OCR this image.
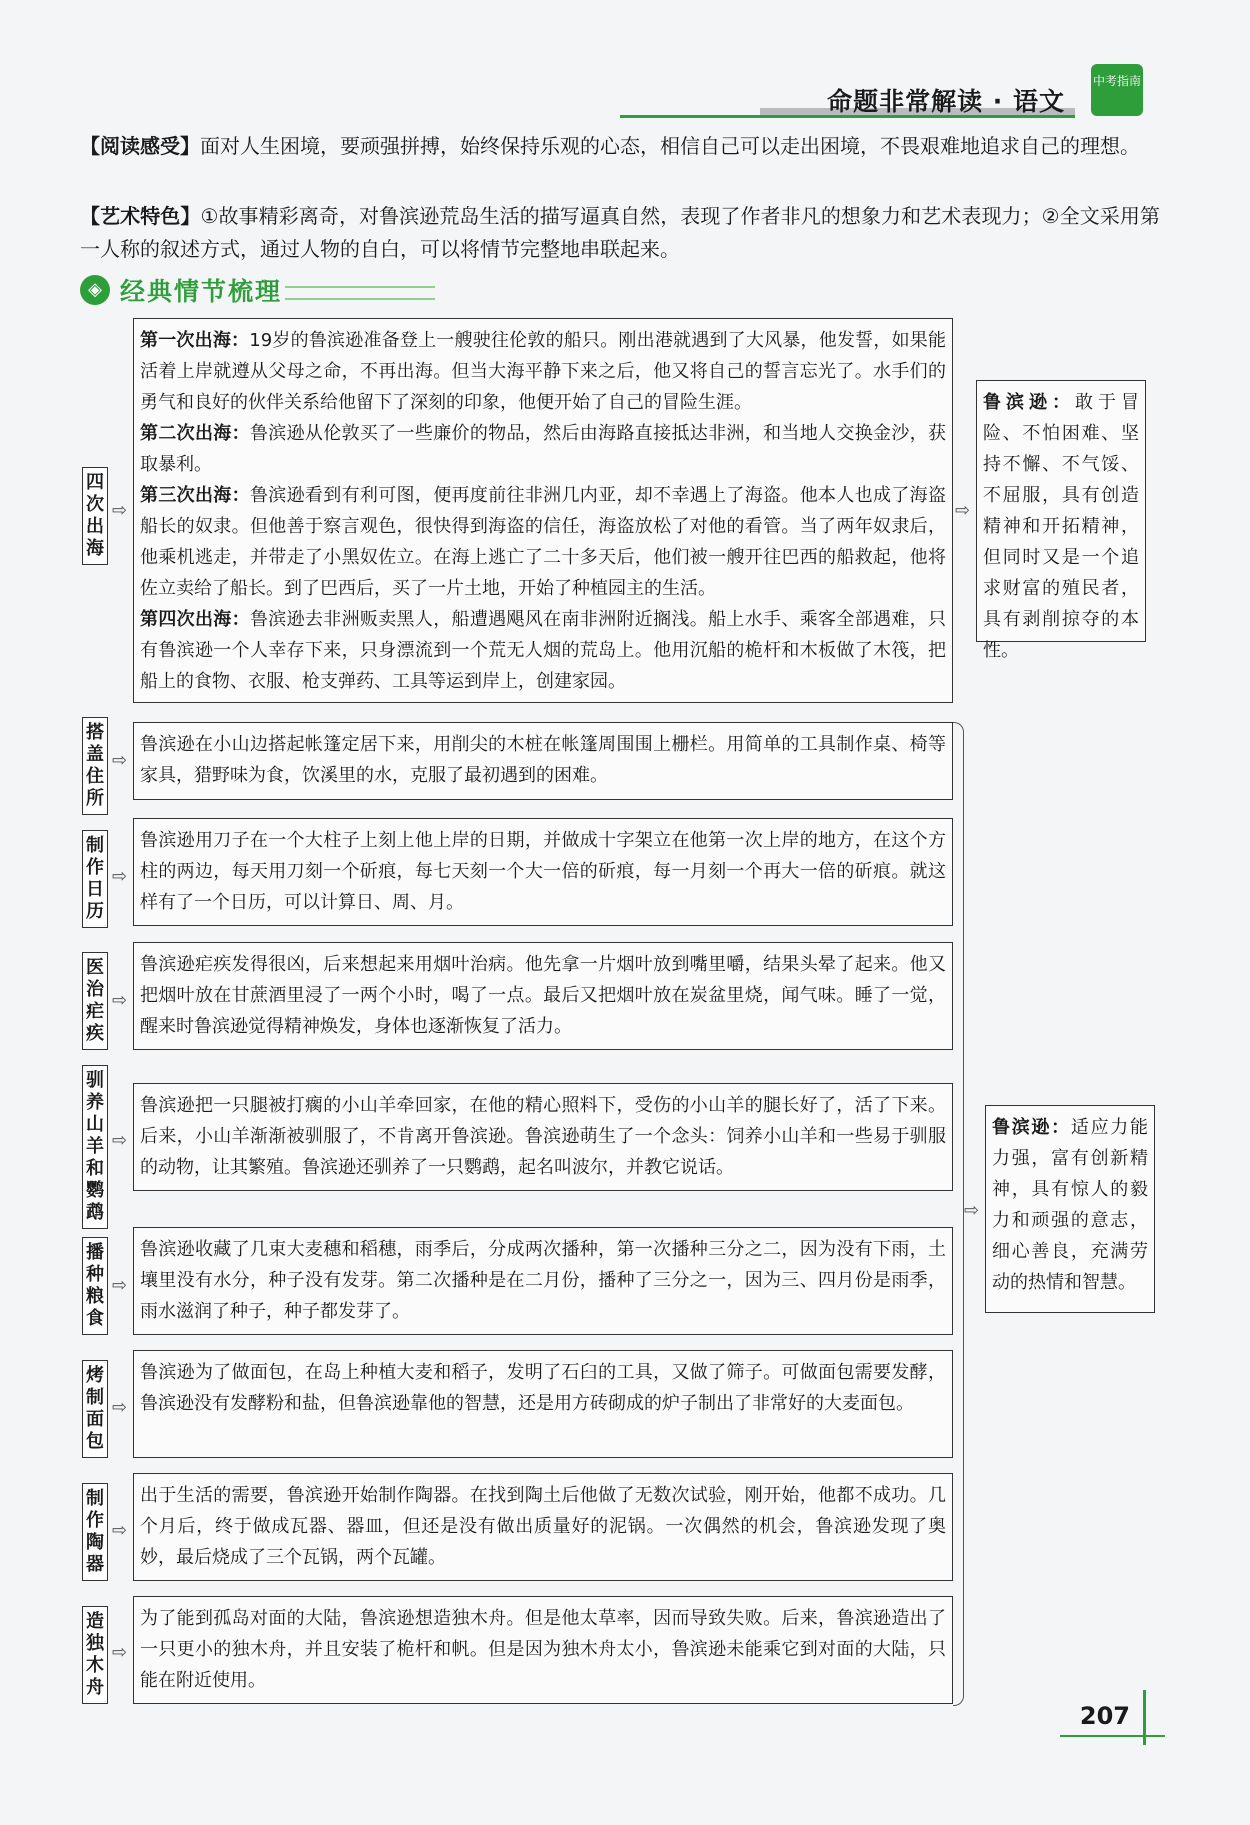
命题非常解读 · 语文
中考指南

【阅读感受】面对人生困境，要顽强拼搏，始终保持乐观的心态，相信自己可以走出困境，不畏艰难地追求自己的理想。

【艺术特色】①故事精彩离奇，对鲁滨逊荒岛生活的描写逼真自然，表现了作者非凡的想象力和艺术表现力；②全文采用第一人称的叙述方式，通过人物的自白，可以将情节完整地串联起来。

◈ 经典情节梳理
四次出海
⇨

第一次出海：19岁的鲁滨逊准备登上一艘驶往伦敦的船只。刚出港就遇到了大风暴，他发誓，如果能活着上岸就遵从父母之命，不再出海。但当大海平静下来之后，他又将自己的誓言忘光了。水手们的勇气和良好的伙伴关系给他留下了深刻的印象，他便开始了自己的冒险生涯。

第二次出海：鲁滨逊从伦敦买了一些廉价的物品，然后由海路直接抵达非洲，和当地人交换金沙，获取暴利。

第三次出海：鲁滨逊看到有利可图，便再度前往非洲几内亚，却不幸遇上了海盗。他本人也成了海盗船长的奴隶。但他善于察言观色，很快得到海盗的信任，海盗放松了对他的看管。当了两年奴隶后，他乘机逃走，并带走了小黑奴佐立。在海上逃亡了二十多天后，他们被一艘开往巴西的船救起，他将佐立卖给了船长。到了巴西后，买了一片土地，开始了种植园主的生活。

第四次出海：鲁滨逊去非洲贩卖黑人，船遭遇飓风在南非洲附近搁浅。船上水手、乘客全部遇难，只有鲁滨逊一个人幸存下来，只身漂流到一个荒无人烟的荒岛上。他用沉船的桅杆和木板做了木筏，把船上的食物、衣服、枪支弹药、工具等运到岸上，创建家园。

⇨
鲁滨逊：敢于冒险、不怕困难、坚持不懈、不气馁、不屈服，具有创造精神和开拓精神，但同时又是一个追求财富的殖民者，具有剥削掠夺的本性。
搭盖住所
⇨

鲁滨逊在小山边搭起帐篷定居下来，用削尖的木桩在帐篷周围围上栅栏。用简单的工具制作桌、椅等家具，猎野味为食，饮溪里的水，克服了最初遇到的困难。

制作日历
⇨

鲁滨逊用刀子在一个大柱子上刻上他上岸的日期，并做成十字架立在他第一次上岸的地方，在这个方柱的两边，每天用刀刻一个斫痕，每七天刻一个大一倍的斫痕，每一月刻一个再大一倍的斫痕。就这样有了一个日历，可以计算日、周、月。

医治疟疾
⇨

鲁滨逊疟疾发得很凶，后来想起来用烟叶治病。他先拿一片烟叶放到嘴里嚼，结果头晕了起来。他又把烟叶放在甘蔗酒里浸了一两个小时，喝了一点。最后又把烟叶放在炭盆里烧，闻气味。睡了一觉，醒来时鲁滨逊觉得精神焕发，身体也逐渐恢复了活力。

驯养山羊和鹦鹉
⇨

鲁滨逊把一只腿被打瘸的小山羊牵回家，在他的精心照料下，受伤的小山羊的腿长好了，活了下来。后来，小山羊渐渐被驯服了，不肯离开鲁滨逊。鲁滨逊萌生了一个念头：饲养小山羊和一些易于驯服的动物，让其繁殖。鲁滨逊还驯养了一只鹦鹉，起名叫波尔，并教它说话。

播种粮食
⇨

鲁滨逊收藏了几束大麦穗和稻穗，雨季后，分成两次播种，第一次播种三分之二，因为没有下雨，土壤里没有水分，种子没有发芽。第二次播种是在二月份，播种了三分之一，因为三、四月份是雨季，雨水滋润了种子，种子都发芽了。

烤制面包
⇨

鲁滨逊为了做面包，在岛上种植大麦和稻子，发明了石臼的工具，又做了筛子。可做面包需要发酵，鲁滨逊没有发酵粉和盐，但鲁滨逊靠他的智慧，还是用方砖砌成的炉子制出了非常好的大麦面包。

制作陶器
⇨

出于生活的需要，鲁滨逊开始制作陶器。在找到陶土后他做了无数次试验，刚开始，他都不成功。几个月后，终于做成瓦器、器皿，但还是没有做出质量好的泥锅。一次偶然的机会，鲁滨逊发现了奥妙，最后烧成了三个瓦锅，两个瓦罐。

造独木舟
⇨

为了能到孤岛对面的大陆，鲁滨逊想造独木舟。但是他太草率，因而导致失败。后来，鲁滨逊造出了一只更小的独木舟，并且安装了桅杆和帆。但是因为独木舟太小，鲁滨逊未能乘它到对面的大陆，只能在附近使用。

⇨
鲁滨逊：适应力能力强，富有创新精神，具有惊人的毅力和顽强的意志，细心善良，充满劳动的热情和智慧。
207
